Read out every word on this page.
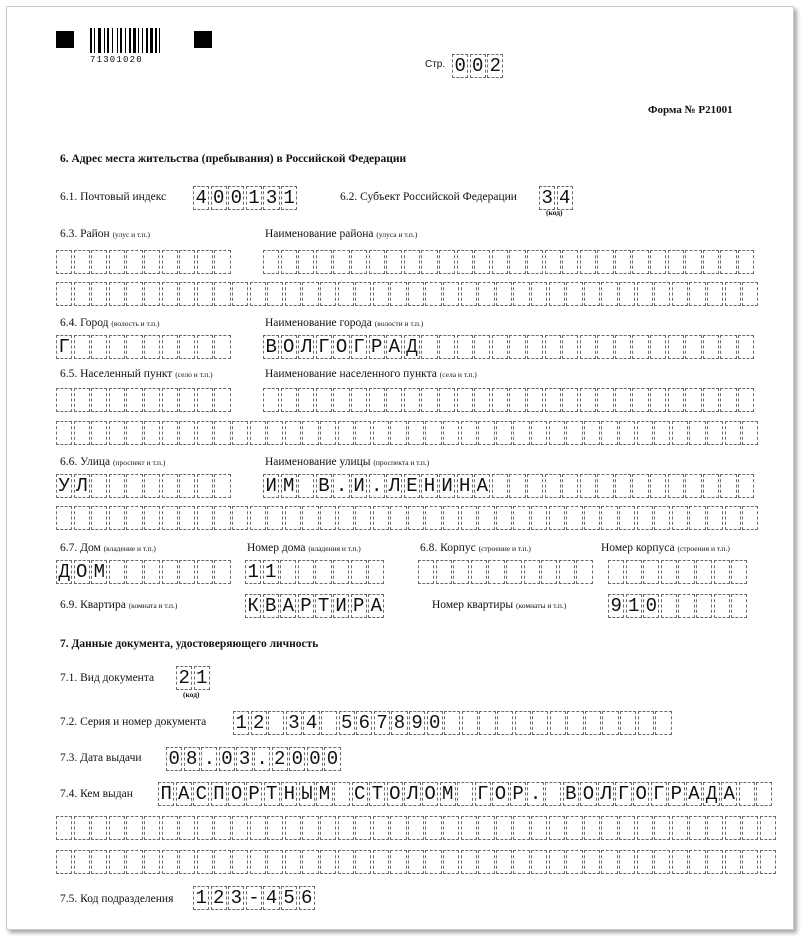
71301020	Стр. 0 0 2
Форма № Р21001
6. Адрес места жительства (пребывания) в Российской Федерации
6.1. Почтовый индекс 4 0 0 1 3 1	6.2. Субъект Российской Федерации 3 4
(код)
6.3. Район (улус и т.п.)	Наименование района (улуса и т.п.)
6.4. Город (волость и т.п.)	Наименование города (волости и т.п.)
Г	В О Л Г О Г Р А Д
6.5. Населенный пункт (село и т.п.)	Наименование населенного пункта (села и т.п.)
6.6. Улица (проспект и т.п.)	Наименование улицы (проспекта и т.п.)
У Л	И М В . И . Л Е Н И Н А
6.7. Дом (владение и т.п.)	Номер дома (владения и т.п.)	6.8. Корпус (строение и т.п.)	Номер корпуса (строения и т.п.)
Д О М	1 1
6.9. Квартира (комната и т.п.)	К В А Р Т И Р А	Номер квартиры (комнаты и т.п.) 9 1 0
7. Данные документа, удостоверяющего личность
7.1. Вид документа 2 1
(код)
7.2. Серия и номер документа 1 2 3 4 5 6 7 8 9 0
7.3. Дата выдачи 0 8 . 0 3 . 2 0 0 0
7.4. Кем выдан П А С П О Р Т Н Ы М С Т О Л О М Г О Р . В О Л Г О Г Р А Д А
7.5. Код подразделения 1 2 3 - 4 5 6
